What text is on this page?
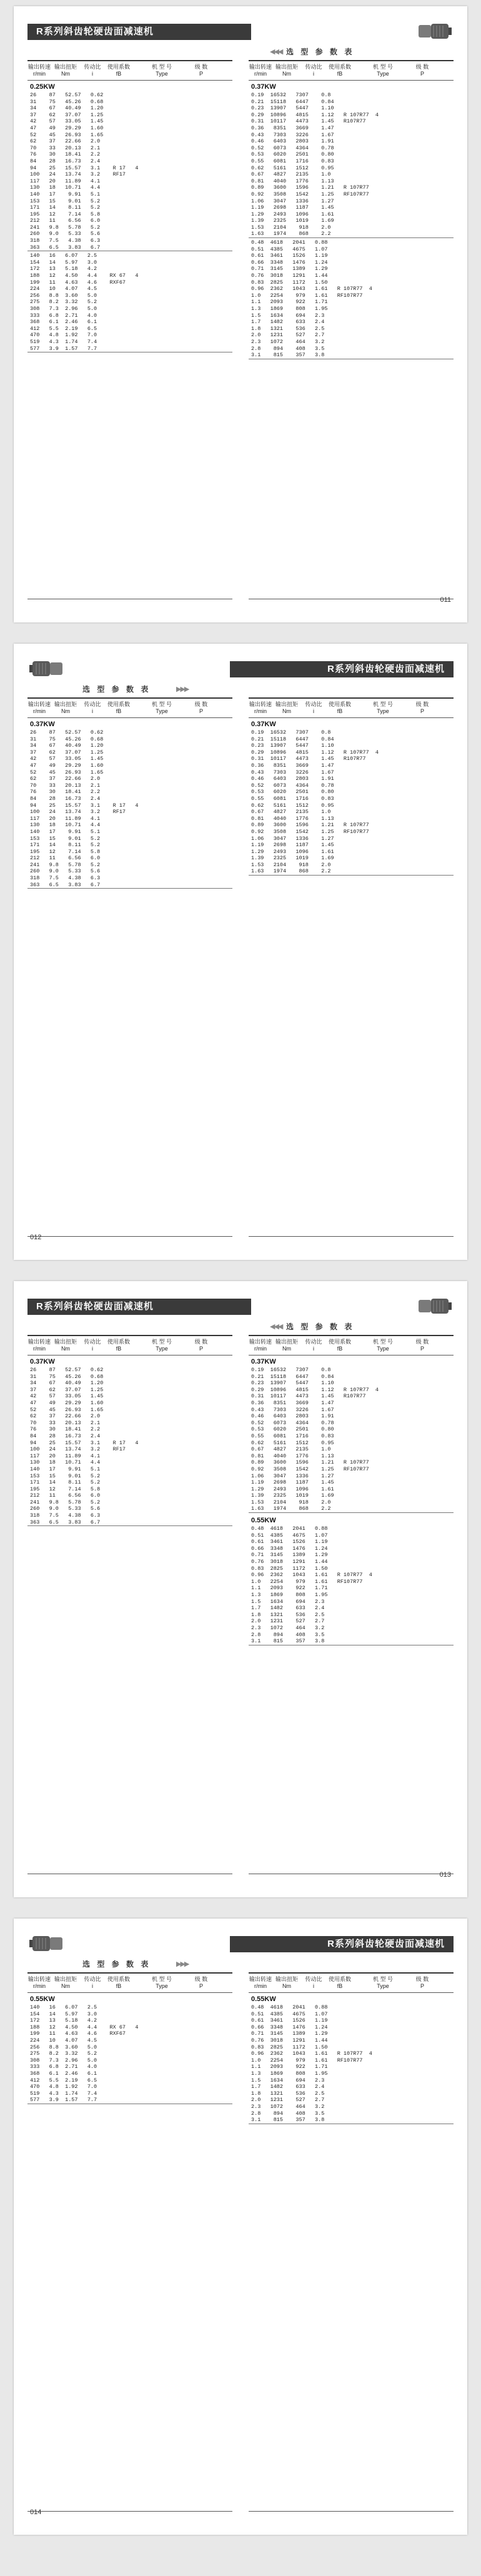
R系列斜齿轮硬齿面减速机
◀◀◀ 选 型 参 数 表
输出转速
r/min
输出扭矩
Nm
传动比
i
使用系数
fB
机 型 号
Type
级 数
P
0.25KW
26    87   52.57   0.62
31    75   45.26   0.68
34    67   40.49   1.20
37    62   37.07   1.25
42    57   33.05   1.45
47    49   29.29   1.60
52    45   26.93   1.65
62    37   22.66   2.0
70    33   20.13   2.1
76    30   18.41   2.2
84    28   16.73   2.4
94    25   15.57   3.1    R 17   4
100   24   13.74   3.2    RF17
117   20   11.89   4.1
130   18   10.71   4.4
140   17    9.91   5.1
153   15    9.01   5.2
171   14    8.11   5.2
195   12    7.14   5.8
212   11    6.56   6.0
241   9.8   5.78   5.2
260   9.0   5.33   5.6
318   7.5   4.38   6.3
363   6.5   3.83   6.7
140   16   6.07   2.5
154   14   5.97   3.0
172   13   5.18   4.2
188   12   4.50   4.4    RX 67   4
199   11   4.63   4.6    RXF67
224   10   4.07   4.5
256   8.8  3.60   5.0
275   8.2  3.32   5.2
308   7.3  2.96   5.0
333   6.8  2.71   4.0
368   6.1  2.46   6.1
412   5.5  2.19   6.5
470   4.8  1.92   7.0
519   4.3  1.74   7.4
577   3.9  1.57   7.7
输出转速
r/min
输出扭矩
Nm
传动比
i
使用系数
fB
机 型 号
Type
级 数
P
0.37KW
0.19  16532   7307    0.8
0.21  15118   6447    0.84
0.23  13907   5447    1.10
0.29  10896   4815    1.12   R 107R77  4
0.31  10117   4473    1.45   R107R77
0.36   8351   3669    1.47
0.43   7303   3226    1.67
0.46   6403   2803    1.91
0.52   6073   4364    0.78
0.53   6020   2501    0.80
0.55   6081   1716    0.83
0.62   5161   1512    0.95
0.67   4827   2135    1.0
0.81   4040   1776    1.13
0.89   3600   1596    1.21   R 107R77
0.92   3508   1542    1.25   RF107R77
1.06   3047   1336    1.27
1.19   2698   1187    1.45
1.29   2493   1096    1.61
1.39   2325   1019    1.69
1.53   2104    918    2.0
1.63   1974    868    2.2
0.48  4618   2041   0.88
0.51  4385   4675   1.07
0.61  3461   1526   1.19
0.66  3348   1476   1.24
0.71  3145   1389   1.29
0.76  3018   1291   1.44
0.83  2825   1172   1.50
0.96  2362   1043   1.61   R 107R77  4
1.0   2254    979   1.61   RF107R77
1.1   2093    922   1.71
1.3   1869    808   1.95
1.5   1634    694   2.3
1.7   1482    633   2.4
1.8   1321    536   2.5
2.0   1231    527   2.7
2.3   1072    464   3.2
2.8    894    408   3.5
3.1    815    357   3.8
011
选 型 参 数 表	▶▶▶
R系列斜齿轮硬齿面减速机
输出转速
r/min
输出扭矩
Nm
传动比
i
使用系数
fB
机 型 号
Type
级 数
P
0.37KW
26    87   52.57   0.62
31    75   45.26   0.68
34    67   40.49   1.20
37    62   37.07   1.25
42    57   33.05   1.45
47    49   29.29   1.60
52    45   26.93   1.65
62    37   22.66   2.0
70    33   20.13   2.1
76    30   18.41   2.2
84    28   16.73   2.4
94    25   15.57   3.1    R 17   4
100   24   13.74   3.2    RF17
117   20   11.89   4.1
130   18   10.71   4.4
140   17    9.91   5.1
153   15    9.01   5.2
171   14    8.11   5.2
195   12    7.14   5.8
212   11    6.56   6.0
241   9.8   5.78   5.2
260   9.0   5.33   5.6
318   7.5   4.38   6.3
363   6.5   3.83   6.7
输出转速
r/min
输出扭矩
Nm
传动比
i
使用系数
fB
机 型 号
Type
级 数
P
0.37KW
0.19  16532   7307    0.8
0.21  15118   6447    0.84
0.23  13907   5447    1.10
0.29  10896   4815    1.12   R 107R77  4
0.31  10117   4473    1.45   R107R77
0.36   8351   3669    1.47
0.43   7303   3226    1.67
0.46   6403   2803    1.91
0.52   6073   4364    0.78
0.53   6020   2501    0.80
0.55   6081   1716    0.83
0.62   5161   1512    0.95
0.67   4827   2135    1.0
0.81   4040   1776    1.13
0.89   3600   1596    1.21   R 107R77
0.92   3508   1542    1.25   RF107R77
1.06   3047   1336    1.27
1.19   2698   1187    1.45
1.29   2493   1096    1.61
1.39   2325   1019    1.69
1.53   2104    918    2.0
1.63   1974    868    2.2
012
R系列斜齿轮硬齿面减速机
◀◀◀ 选 型 参 数 表
输出转速
r/min
输出扭矩
Nm
传动比
i
使用系数
fB
机 型 号
Type
级 数
P
0.37KW
26    87   52.57   0.62
31    75   45.26   0.68
34    67   40.49   1.20
37    62   37.07   1.25
42    57   33.05   1.45
47    49   29.29   1.60
52    45   26.93   1.65
62    37   22.66   2.0
70    33   20.13   2.1
76    30   18.41   2.2
84    28   16.73   2.4
94    25   15.57   3.1    R 17   4
100   24   13.74   3.2    RF17
117   20   11.89   4.1
130   18   10.71   4.4
140   17    9.91   5.1
153   15    9.01   5.2
171   14    8.11   5.2
195   12    7.14   5.8
212   11    6.56   6.0
241   9.8   5.78   5.2
260   9.0   5.33   5.6
318   7.5   4.38   6.3
363   6.5   3.83   6.7
输出转速
r/min
输出扭矩
Nm
传动比
i
使用系数
fB
机 型 号
Type
级 数
P
0.37KW
0.19  16532   7307    0.8
0.21  15118   6447    0.84
0.23  13907   5447    1.10
0.29  10896   4815    1.12   R 107R77  4
0.31  10117   4473    1.45   R107R77
0.36   8351   3669    1.47
0.43   7303   3226    1.67
0.46   6403   2803    1.91
0.52   6073   4364    0.78
0.53   6020   2501    0.80
0.55   6081   1716    0.83
0.62   5161   1512    0.95
0.67   4827   2135    1.0
0.81   4040   1776    1.13
0.89   3600   1596    1.21   R 107R77
0.92   3508   1542    1.25   RF107R77
1.06   3047   1336    1.27
1.19   2698   1187    1.45
1.29   2493   1096    1.61
1.39   2325   1019    1.69
1.53   2104    918    2.0
1.63   1974    868    2.2
0.55KW
0.48  4618   2041   0.88
0.51  4385   4675   1.07
0.61  3461   1526   1.19
0.66  3348   1476   1.24
0.71  3145   1389   1.29
0.76  3018   1291   1.44
0.83  2825   1172   1.50
0.96  2362   1043   1.61   R 107R77  4
1.0   2254    979   1.61   RF107R77
1.1   2093    922   1.71
1.3   1869    808   1.95
1.5   1634    694   2.3
1.7   1482    633   2.4
1.8   1321    536   2.5
2.0   1231    527   2.7
2.3   1072    464   3.2
2.8    894    408   3.5
3.1    815    357   3.8
013
选 型 参 数 表	▶▶▶
R系列斜齿轮硬齿面减速机
输出转速
r/min
输出扭矩
Nm
传动比
i
使用系数
fB
机 型 号
Type
级 数
P
0.55KW
140   16   6.07   2.5
154   14   5.97   3.0
172   13   5.18   4.2
188   12   4.50   4.4    RX 67   4
199   11   4.63   4.6    RXF67
224   10   4.07   4.5
256   8.8  3.60   5.0
275   8.2  3.32   5.2
308   7.3  2.96   5.0
333   6.8  2.71   4.0
368   6.1  2.46   6.1
412   5.5  2.19   6.5
470   4.8  1.92   7.0
519   4.3  1.74   7.4
577   3.9  1.57   7.7
输出转速
r/min
输出扭矩
Nm
传动比
i
使用系数
fB
机 型 号
Type
级 数
P
0.55KW
0.48  4618   2041   0.88
0.51  4385   4675   1.07
0.61  3461   1526   1.19
0.66  3348   1476   1.24
0.71  3145   1389   1.29
0.76  3018   1291   1.44
0.83  2825   1172   1.50
0.96  2362   1043   1.61   R 107R77  4
1.0   2254    979   1.61   RF107R77
1.1   2093    922   1.71
1.3   1869    808   1.95
1.5   1634    694   2.3
1.7   1482    633   2.4
1.8   1321    536   2.5
2.0   1231    527   2.7
2.3   1072    464   3.2
2.8    894    408   3.5
3.1    815    357   3.8
014
